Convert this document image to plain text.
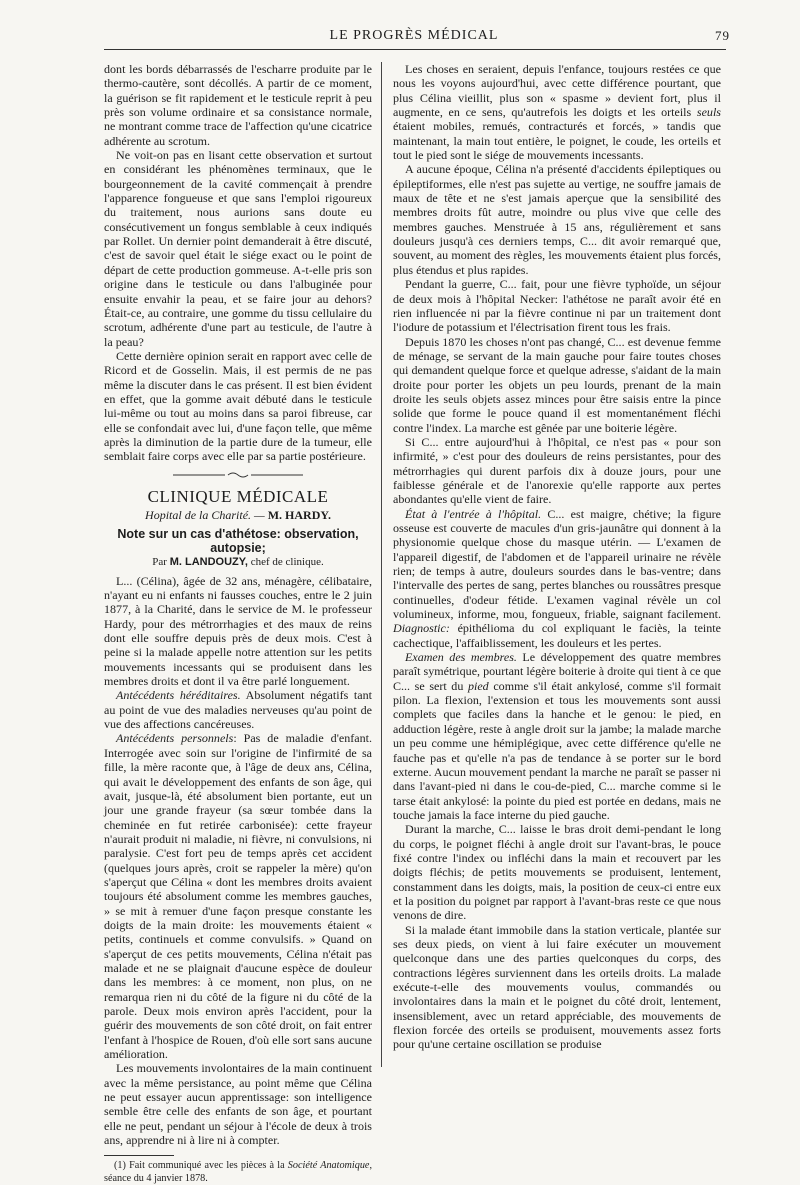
LE PROGRÈS MÉDICAL	79

dont les bords débarrassés de l'escharre produite par le thermo-cautère, sont décollés. A partir de ce moment, la guérison se fit rapidement et le testicule reprit à peu près son volume ordinaire et sa consistance normale, ne montrant comme trace de l'affection qu'une cicatrice adhérente au scrotum.

Ne voit-on pas en lisant cette observation et surtout en considérant les phénomènes terminaux, que le bourgeonnement de la cavité commençait à prendre l'apparence fongueuse et que sans l'emploi rigoureux du traitement, nous aurions sans doute eu consécutivement un fongus semblable à ceux indiqués par Rollet. Un dernier point demanderait à être discuté, c'est de savoir quel était le siége exact ou le point de départ de cette production gommeuse. A-t-elle pris son origine dans le testicule ou dans l'albuginée pour ensuite envahir la peau, et se faire jour au dehors? Était-ce, au contraire, une gomme du tissu cellulaire du scrotum, adhérente d'une part au testicule, de l'autre à la peau?

Cette dernière opinion serait en rapport avec celle de Ricord et de Gosselin. Mais, il est permis de ne pas même la discuter dans le cas présent. Il est bien évident en effet, que la gomme avait débuté dans le testicule lui-même ou tout au moins dans sa paroi fibreuse, car elle se confondait avec lui, d'une façon telle, que même après la diminution de la partie dure de la tumeur, elle semblait faire corps avec elle par sa partie postérieure.

CLINIQUE MÉDICALE
Hopital de la Charité. — M. HARDY.
Note sur un cas d'athétose: observation, autopsie;
Par M. LANDOUZY, chef de clinique.

L... (Célina), âgée de 32 ans, ménagère, célibataire, n'ayant eu ni enfants ni fausses couches, entre le 2 juin 1877, à la Charité, dans le service de M. le professeur Hardy, pour des métrorrhagies et des maux de reins dont elle souffre depuis près de deux mois. C'est à peine si la malade appelle notre attention sur les petits mouvements incessants qui se produisent dans les membres droits et dont il va être parlé longuement.

Antécédents héréditaires. Absolument négatifs tant au point de vue des maladies nerveuses qu'au point de vue des affections cancéreuses.

Antécédents personnels: Pas de maladie d'enfant. Interrogée avec soin sur l'origine de l'infirmité de sa fille, la mère raconte que, à l'âge de deux ans, Célina, qui avait le développement des enfants de son âge, qui avait, jusque-là, été absolument bien portante, eut un jour une grande frayeur (sa sœur tombée dans la cheminée en fut retirée carbonisée): cette frayeur n'aurait produit ni maladie, ni fièvre, ni convulsions, ni paralysie. C'est fort peu de temps après cet accident (quelques jours après, croit se rappeler la mère) qu'on s'aperçut que Célina « dont les membres droits avaient toujours été absolument comme les membres gauches, » se mit à remuer d'une façon presque constante les doigts de la main droite: les mouvements étaient « petits, continuels et comme convulsifs. » Quand on s'aperçut de ces petits mouvements, Célina n'était pas malade et ne se plaignait d'aucune espèce de douleur dans les membres: à ce moment, non plus, on ne remarqua rien ni du côté de la figure ni du côté de la parole. Deux mois environ après l'accident, pour la guérir des mouvements de son côté droit, on fait entrer l'enfant à l'hospice de Rouen, d'où elle sort sans aucune amélioration.

Les mouvements involontaires de la main continuent avec la même persistance, au point même que Célina ne peut essayer aucun apprentissage: son intelligence semble être celle des enfants de son âge, et pourtant elle ne peut, pendant un séjour à l'école de deux à trois ans, apprendre ni à lire ni à compter.

(1) Fait communiqué avec les pièces à la Société Anatomique, séance du 4 janvier 1878.

Les choses en seraient, depuis l'enfance, toujours restées ce que nous les voyons aujourd'hui, avec cette différence pourtant, que plus Célina vieillit, plus son « spasme » devient fort, plus il augmente, en ce sens, qu'autrefois les doigts et les orteils seuls étaient mobiles, remués, contracturés et forcés, » tandis que maintenant, la main tout entière, le poignet, le coude, les orteils et tout le pied sont le siége de mouvements incessants.

A aucune époque, Célina n'a présenté d'accidents épileptiques ou épileptiformes, elle n'est pas sujette au vertige, ne souffre jamais de maux de tête et ne s'est jamais aperçue que la sensibilité des membres droits fût autre, moindre ou plus vive que celle des membres gauches. Menstruée à 15 ans, régulièrement et sans douleurs jusqu'à ces derniers temps, C... dit avoir remarqué que, souvent, au moment des règles, les mouvements étaient plus forcés, plus étendus et plus rapides.

Pendant la guerre, C... fait, pour une fièvre typhoïde, un séjour de deux mois à l'hôpital Necker: l'athétose ne paraît avoir été en rien influencée ni par la fièvre continue ni par un traitement dont l'iodure de potassium et l'électrisation firent tous les frais.

Depuis 1870 les choses n'ont pas changé, C... est devenue femme de ménage, se servant de la main gauche pour faire toutes choses qui demandent quelque force et quelque adresse, s'aidant de la main droite pour porter les objets un peu lourds, prenant de la main droite les seuls objets assez minces pour être saisis entre la pince solide que forme le pouce quand il est momentanément fléchi contre l'index. La marche est gênée par une boiterie légère.

Si C... entre aujourd'hui à l'hôpital, ce n'est pas « pour son infirmité, » c'est pour des douleurs de reins persistantes, pour des métrorrhagies qui durent parfois dix à douze jours, pour une faiblesse générale et de l'anorexie qu'elle rapporte aux pertes abondantes qu'elle vient de faire.

État à l'entrée à l'hôpital. C... est maigre, chétive; la figure osseuse est couverte de macules d'un gris-jaunâtre qui donnent à la physionomie quelque chose du masque utérin. — L'examen de l'appareil digestif, de l'abdomen et de l'appareil urinaire ne révèle rien; de temps à autre, douleurs sourdes dans le bas-ventre; dans l'intervalle des pertes de sang, pertes blanches ou roussâtres presque continuelles, d'odeur fétide. L'examen vaginal révèle un col volumineux, informe, mou, fongueux, friable, saignant facilement. Diagnostic: épithélioma du col expliquant le faciès, la teinte cachectique, l'affaiblissement, les douleurs et les pertes.

Examen des membres. Le développement des quatre membres paraît symétrique, pourtant légère boiterie à droite qui tient à ce que C... se sert du pied comme s'il était ankylosé, comme s'il formait pilon. La flexion, l'extension et tous les mouvements sont aussi complets que faciles dans la hanche et le genou: le pied, en adduction légère, reste à angle droit sur la jambe; la malade marche un peu comme une hémiplégique, avec cette différence qu'elle ne fauche pas et qu'elle n'a pas de tendance à se porter sur le bord externe. Aucun mouvement pendant la marche ne paraît se passer ni dans l'avant-pied ni dans le cou-de-pied, C... marche comme si le tarse était ankylosé: la pointe du pied est portée en dedans, mais ne touche jamais la face interne du pied gauche.

Durant la marche, C... laisse le bras droit demi-pendant le long du corps, le poignet fléchi à angle droit sur l'avant-bras, le pouce fixé contre l'index ou infléchi dans la main et recouvert par les doigts fléchis; de petits mouvements se produisent, lentement, constamment dans les doigts, mais, la position de ceux-ci entre eux et la position du poignet par rapport à l'avant-bras reste ce que nous venons de dire.

Si la malade étant immobile dans la station verticale, plantée sur ses deux pieds, on vient à lui faire exécuter un mouvement quelconque dans une des parties quelconques du corps, des contractions légères surviennent dans les orteils droits. La malade exécute-t-elle des mouvements voulus, commandés ou involontaires dans la main et le poignet du côté droit, lentement, insensiblement, avec un retard appréciable, des mouvements de flexion forcée des orteils se produisent, mouvements assez forts pour qu'une certaine oscillation se produise
